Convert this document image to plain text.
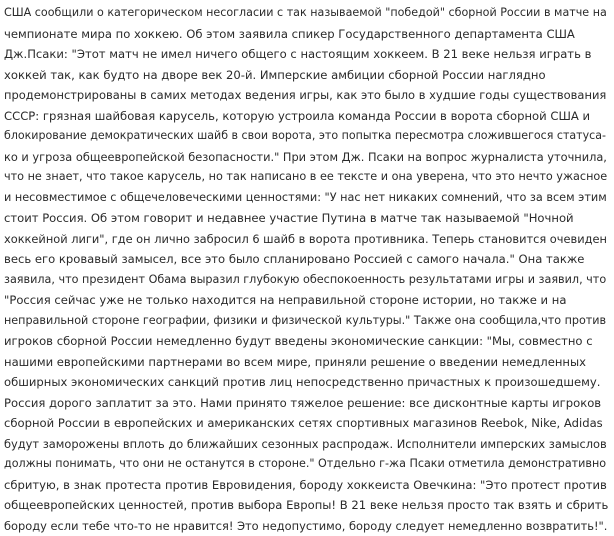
США сообщили о категорическом несогласии с так называемой "победой" сборной России в матче на
чемпионате мира по хоккею. Об этом заявила спикер Государственного департамента США
Дж.Псаки: "Этот матч не имел ничего общего с настоящим хоккеем. В 21 веке нельзя играть в
хоккей так, как будто на дворе век 20-й. Имперские амбиции сборной России наглядно
продемонстрированы в самих методах ведения игры, как это было в худшие годы существования
СССР: грязная шайбовая карусель, которую устроила команда России в ворота сборной США и
блокирование демократических шайб в свои ворота, это попытка пересмотра сложившегося статуса-
ко и угроза общеевропейской безопасности." При этом Дж. Псаки на вопрос журналиста уточнила,
что не знает, что такое карусель, но так написано в ее тексте и она уверена, что это нечто ужасное
и несовместимое с общечеловеческими ценностями: "У нас нет никаких сомнений, что за всем этим
стоит Россия. Об этом говорит и недавнее участие Путина в матче так называемой "Ночной
хоккейной лиги", где он лично забросил 6 шайб в ворота противника. Теперь становится очевиден
весь его кровавый замысел, все это было спланировано Россией с самого начала." Она также
заявила, что президент Обама выразил глубокую обеспокоенность результатами игры и заявил, что
"Россия сейчас уже не только находится на неправильной стороне истории, но также и на
неправильной стороне географии, физики и физической культуры." Также она сообщила,что против
игроков сборной России немедленно будут введены экономические санкции: "Мы, совместно с
нашими европейскими партнерами во всем мире, приняли решение о введении немедленных
обширных экономических санкций против лиц непосредственно причастных к произошедшему.
Россия дорого заплатит за это. Нами принято тяжелое решение: все дисконтные карты игроков
сборной России в европейских и американских сетях спортивных магазинов Reebok, Nike, Adidas
будут заморожены вплоть до ближайших сезонных распродаж. Исполнители имперских замыслов
должны понимать, что они не останутся в стороне." Отдельно г-жа Псаки отметила демонстративно
сбритую, в знак протеста против Евровидения, бороду хоккеиста Овечкина: "Это протест против
общеевропейских ценностей, против выбора Европы! В 21 веке нельзя просто так взять и сбрить
бороду если тебе что-то не нравится! Это недопустимо, бороду следует немедленно возвратить!".
